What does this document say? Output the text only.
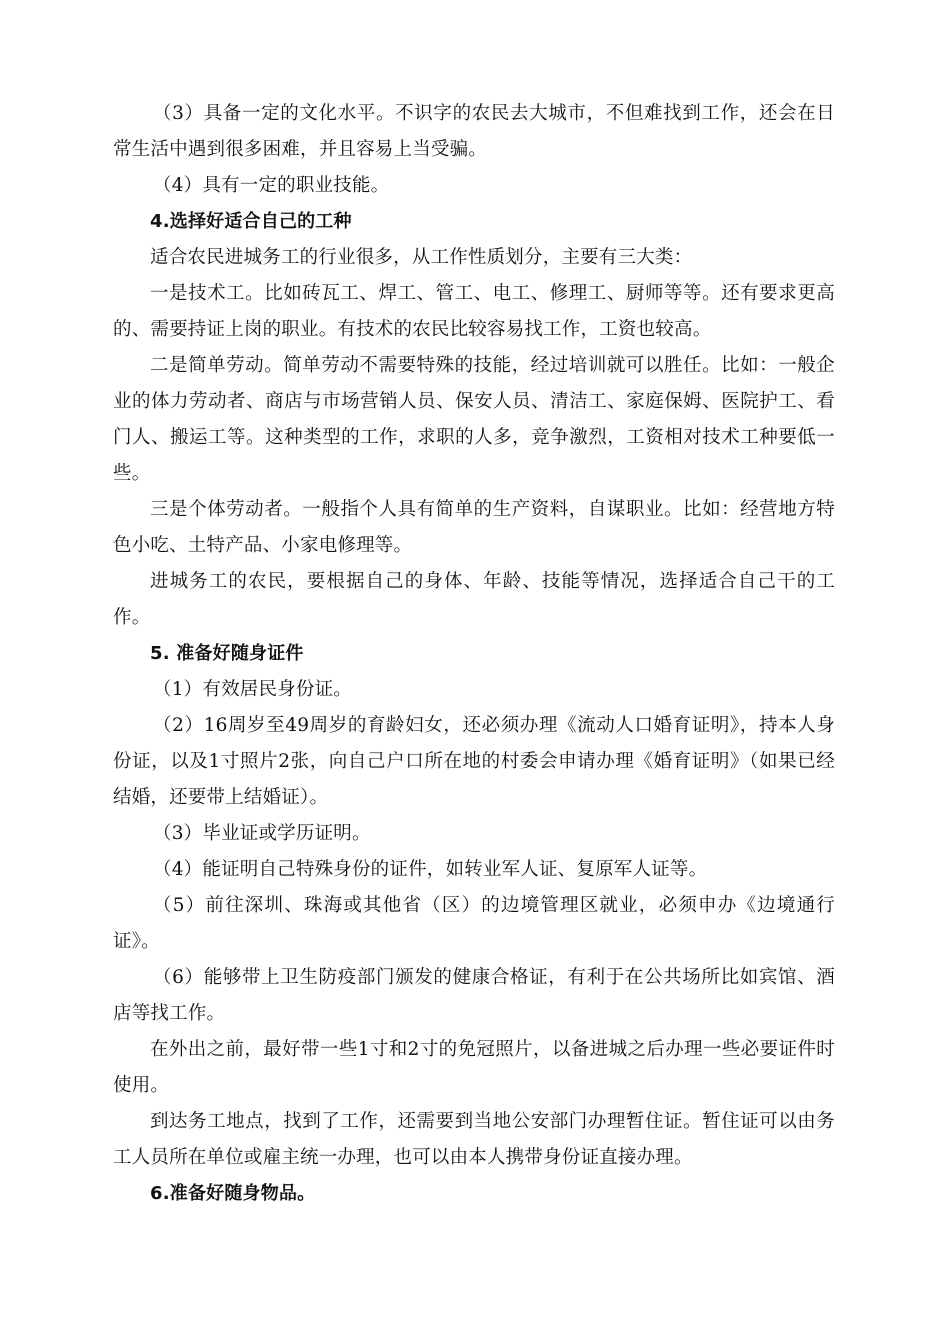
（3）具备一定的文化水平。不识字的农民去大城市，不但难找到工作，还会在日常生活中遇到很多困难，并且容易上当受骗。

（4）具有一定的职业技能。

4.选择好适合自己的工种

适合农民进城务工的行业很多，从工作性质划分，主要有三大类：

一是技术工。比如砖瓦工、焊工、管工、电工、修理工、厨师等等。还有要求更高的、需要持证上岗的职业。有技术的农民比较容易找工作，工资也较高。

二是简单劳动。简单劳动不需要特殊的技能，经过培训就可以胜任。比如：一般企业的体力劳动者、商店与市场营销人员、保安人员、清洁工、家庭保姆、医院护工、看门人、搬运工等。这种类型的工作，求职的人多，竞争激烈，工资相对技术工种要低一些。

三是个体劳动者。一般指个人具有简单的生产资料，自谋职业。比如：经营地方特色小吃、土特产品、小家电修理等。

进城务工的农民，要根据自己的身体、年龄、技能等情况，选择适合自己干的工作。

5. 准备好随身证件

（1）有效居民身份证。

（2）16周岁至49周岁的育龄妇女，还必须办理《流动人口婚育证明》，持本人身份证，以及1寸照片2张，向自己户口所在地的村委会申请办理《婚育证明》（如果已经结婚，还要带上结婚证）。

（3）毕业证或学历证明。

（4）能证明自己特殊身份的证件，如转业军人证、复原军人证等。

（5）前往深圳、珠海或其他省（区）的边境管理区就业，必须申办《边境通行证》。

（6）能够带上卫生防疫部门颁发的健康合格证，有利于在公共场所比如宾馆、酒店等找工作。

在外出之前，最好带一些1寸和2寸的免冠照片，以备进城之后办理一些必要证件时使用。

到达务工地点，找到了工作，还需要到当地公安部门办理暂住证。暂住证可以由务工人员所在单位或雇主统一办理，也可以由本人携带身份证直接办理。

6.准备好随身物品。
